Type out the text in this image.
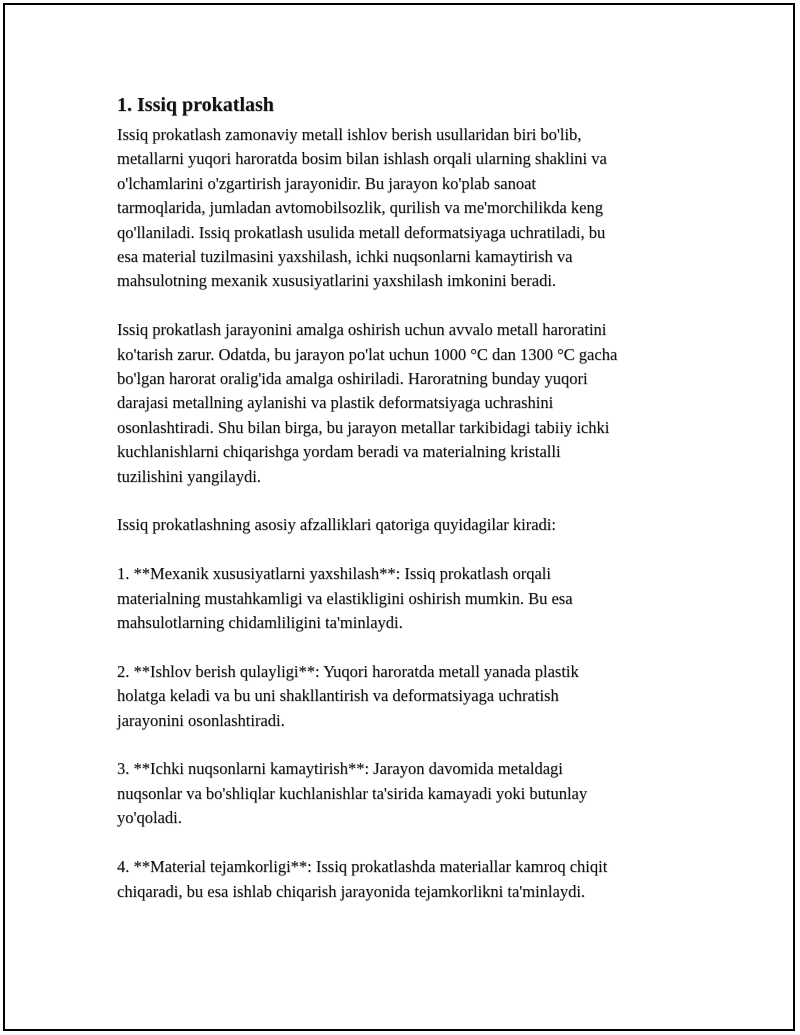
1. Issiq prokatlash

Issiq prokatlash zamonaviy metall ishlov berish usullaridan biri bo'lib,
metallarni yuqori haroratda bosim bilan ishlash orqali ularning shaklini va
o'lchamlarini o'zgartirish jarayonidir. Bu jarayon ko'plab sanoat
tarmoqlarida, jumladan avtomobilsozlik, qurilish va me'morchilikda keng
qo'llaniladi. Issiq prokatlash usulida metall deformatsiyaga uchratiladi, bu
esa material tuzilmasini yaxshilash, ichki nuqsonlarni kamaytirish va
mahsulotning mexanik xususiyatlarini yaxshilash imkonini beradi.

Issiq prokatlash jarayonini amalga oshirish uchun avvalo metall haroratini
ko'tarish zarur. Odatda, bu jarayon po'lat uchun 1000 °C dan 1300 °C gacha
bo'lgan harorat oralig'ida amalga oshiriladi. Haroratning bunday yuqori
darajasi metallning aylanishi va plastik deformatsiyaga uchrashini
osonlashtiradi. Shu bilan birga, bu jarayon metallar tarkibidagi tabiiy ichki
kuchlanishlarni chiqarishga yordam beradi va materialning kristalli
tuzilishini yangilaydi.

Issiq prokatlashning asosiy afzalliklari qatoriga quyidagilar kiradi:

1. **Mexanik xususiyatlarni yaxshilash**: Issiq prokatlash orqali
materialning mustahkamligi va elastikligini oshirish mumkin. Bu esa
mahsulotlarning chidamliligini ta'minlaydi.

2. **Ishlov berish qulayligi**: Yuqori haroratda metall yanada plastik
holatga keladi va bu uni shakllantirish va deformatsiyaga uchratish
jarayonini osonlashtiradi.

3. **Ichki nuqsonlarni kamaytirish**: Jarayon davomida metaldagi
nuqsonlar va bo'shliqlar kuchlanishlar ta'sirida kamayadi yoki butunlay
yo'qoladi.

4. **Material tejamkorligi**: Issiq prokatlashda materiallar kamroq chiqit
chiqaradi, bu esa ishlab chiqarish jarayonida tejamkorlikni ta'minlaydi.
